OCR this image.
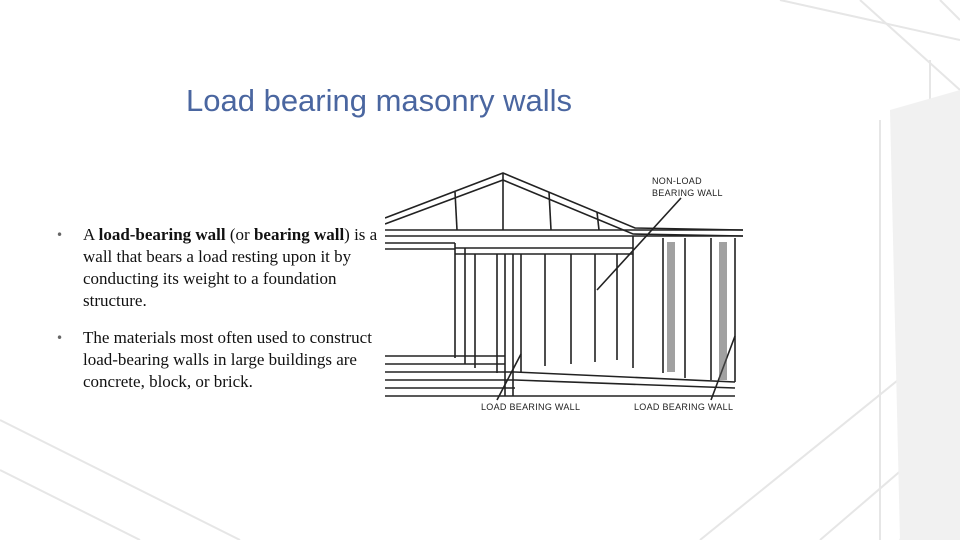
Load bearing masonry walls
• A load-bearing wall (or bearing wall) is a wall that bears a load resting upon it by conducting its weight to a foundation structure.
• The materials most often used to construct load-bearing walls in large buildings are concrete, block, or brick.
NON-LOAD
BEARING WALL
LOAD BEARING WALL	LOAD BEARING WALL
